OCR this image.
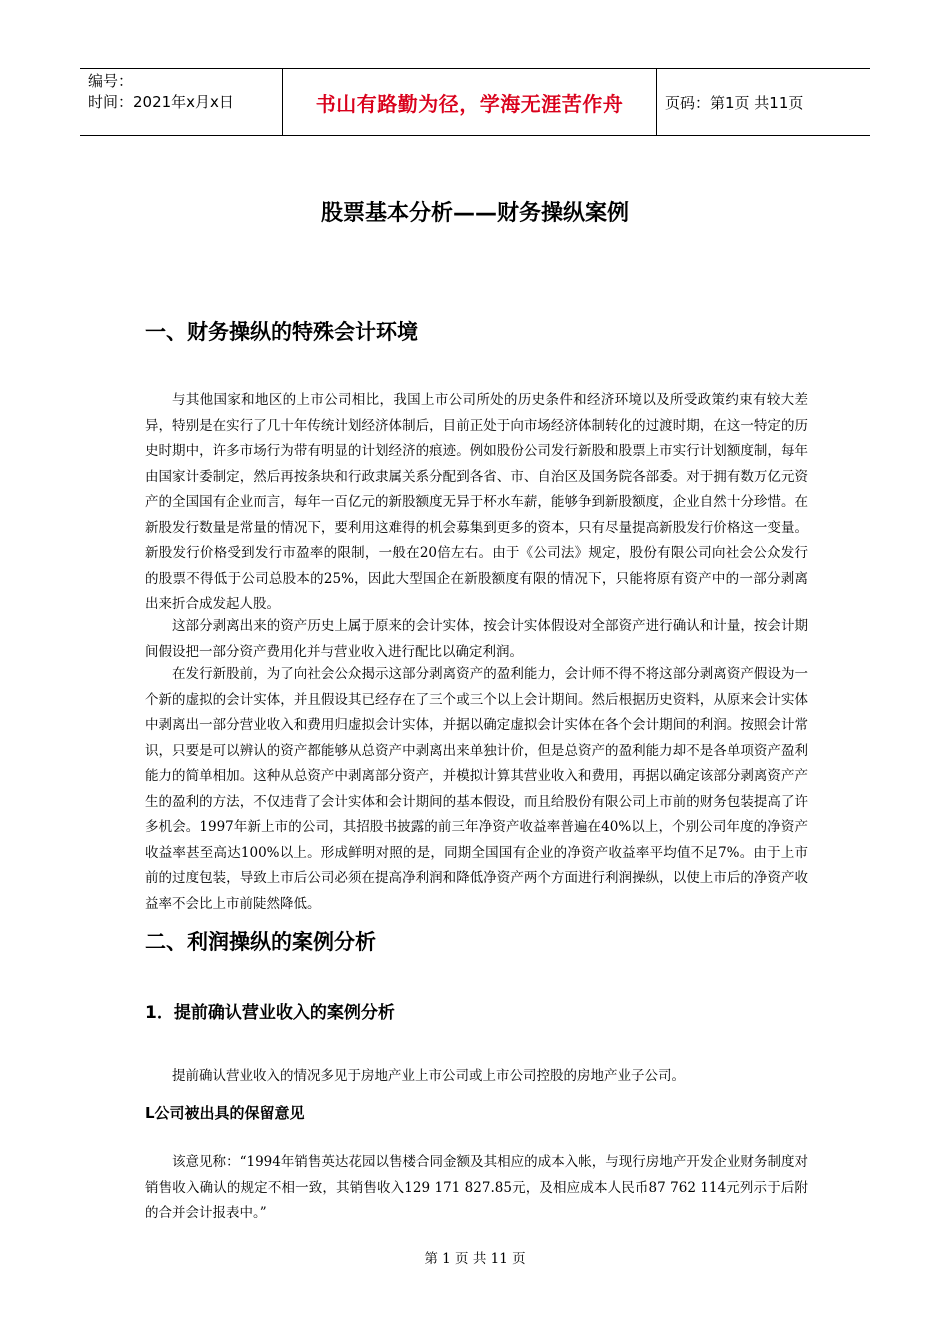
编号：
时间：2021年x月x日	书山有路勤为径，学海无涯苦作舟	页码：第1页 共11页
股票基本分析——财务操纵案例
一、财务操纵的特殊会计环境

与其他国家和地区的上市公司相比，我国上市公司所处的历史条件和经济环境以及所受政策约束有较大差异，特别是在实行了几十年传统计划经济体制后，目前正处于向市场经济体制转化的过渡时期，在这一特定的历史时期中，许多市场行为带有明显的计划经济的痕迹。例如股份公司发行新股和股票上市实行计划额度制，每年由国家计委制定，然后再按条块和行政隶属关系分配到各省、市、自治区及国务院各部委。对于拥有数万亿元资产的全国国有企业而言，每年一百亿元的新股额度无异于杯水车薪，能够争到新股额度，企业自然十分珍惜。在新股发行数量是常量的情况下，要利用这难得的机会募集到更多的资本，只有尽量提高新股发行价格这一变量。新股发行价格受到发行市盈率的限制，一般在20倍左右。由于《公司法》规定，股份有限公司向社会公众发行的股票不得低于公司总股本的25%，因此大型国企在新股额度有限的情况下，只能将原有资产中的一部分剥离出来折合成发起人股。

这部分剥离出来的资产历史上属于原来的会计实体，按会计实体假设对全部资产进行确认和计量，按会计期间假设把一部分资产费用化并与营业收入进行配比以确定利润。

在发行新股前，为了向社会公众揭示这部分剥离资产的盈利能力，会计师不得不将这部分剥离资产假设为一个新的虚拟的会计实体，并且假设其已经存在了三个或三个以上会计期间。然后根据历史资料，从原来会计实体中剥离出一部分营业收入和费用归虚拟会计实体，并据以确定虚拟会计实体在各个会计期间的利润。按照会计常识，只要是可以辨认的资产都能够从总资产中剥离出来单独计价，但是总资产的盈利能力却不是各单项资产盈利能力的简单相加。这种从总资产中剥离部分资产，并模拟计算其营业收入和费用，再据以确定该部分剥离资产产生的盈利的方法，不仅违背了会计实体和会计期间的基本假设，而且给股份有限公司上市前的财务包装提高了许多机会。1997年新上市的公司，其招股书披露的前三年净资产收益率普遍在40%以上，个别公司年度的净资产收益率甚至高达100%以上。形成鲜明对照的是，同期全国国有企业的净资产收益率平均值不足7%。由于上市前的过度包装，导致上市后公司必须在提高净利润和降低净资产两个方面进行利润操纵，以使上市后的净资产收益率不会比上市前陡然降低。

二、利润操纵的案例分析
1．提前确认营业收入的案例分析

提前确认营业收入的情况多见于房地产业上市公司或上市公司控股的房地产业子公司。

L公司被出具的保留意见

该意见称：“1994年销售英达花园以售楼合同金额及其相应的成本入帐，与现行房地产开发企业财务制度对销售收入确认的规定不相一致，其销售收入129 171 827.85元，及相应成本人民币87 762 114元列示于后附的合并会计报表中。”

第 1 页 共 11 页
